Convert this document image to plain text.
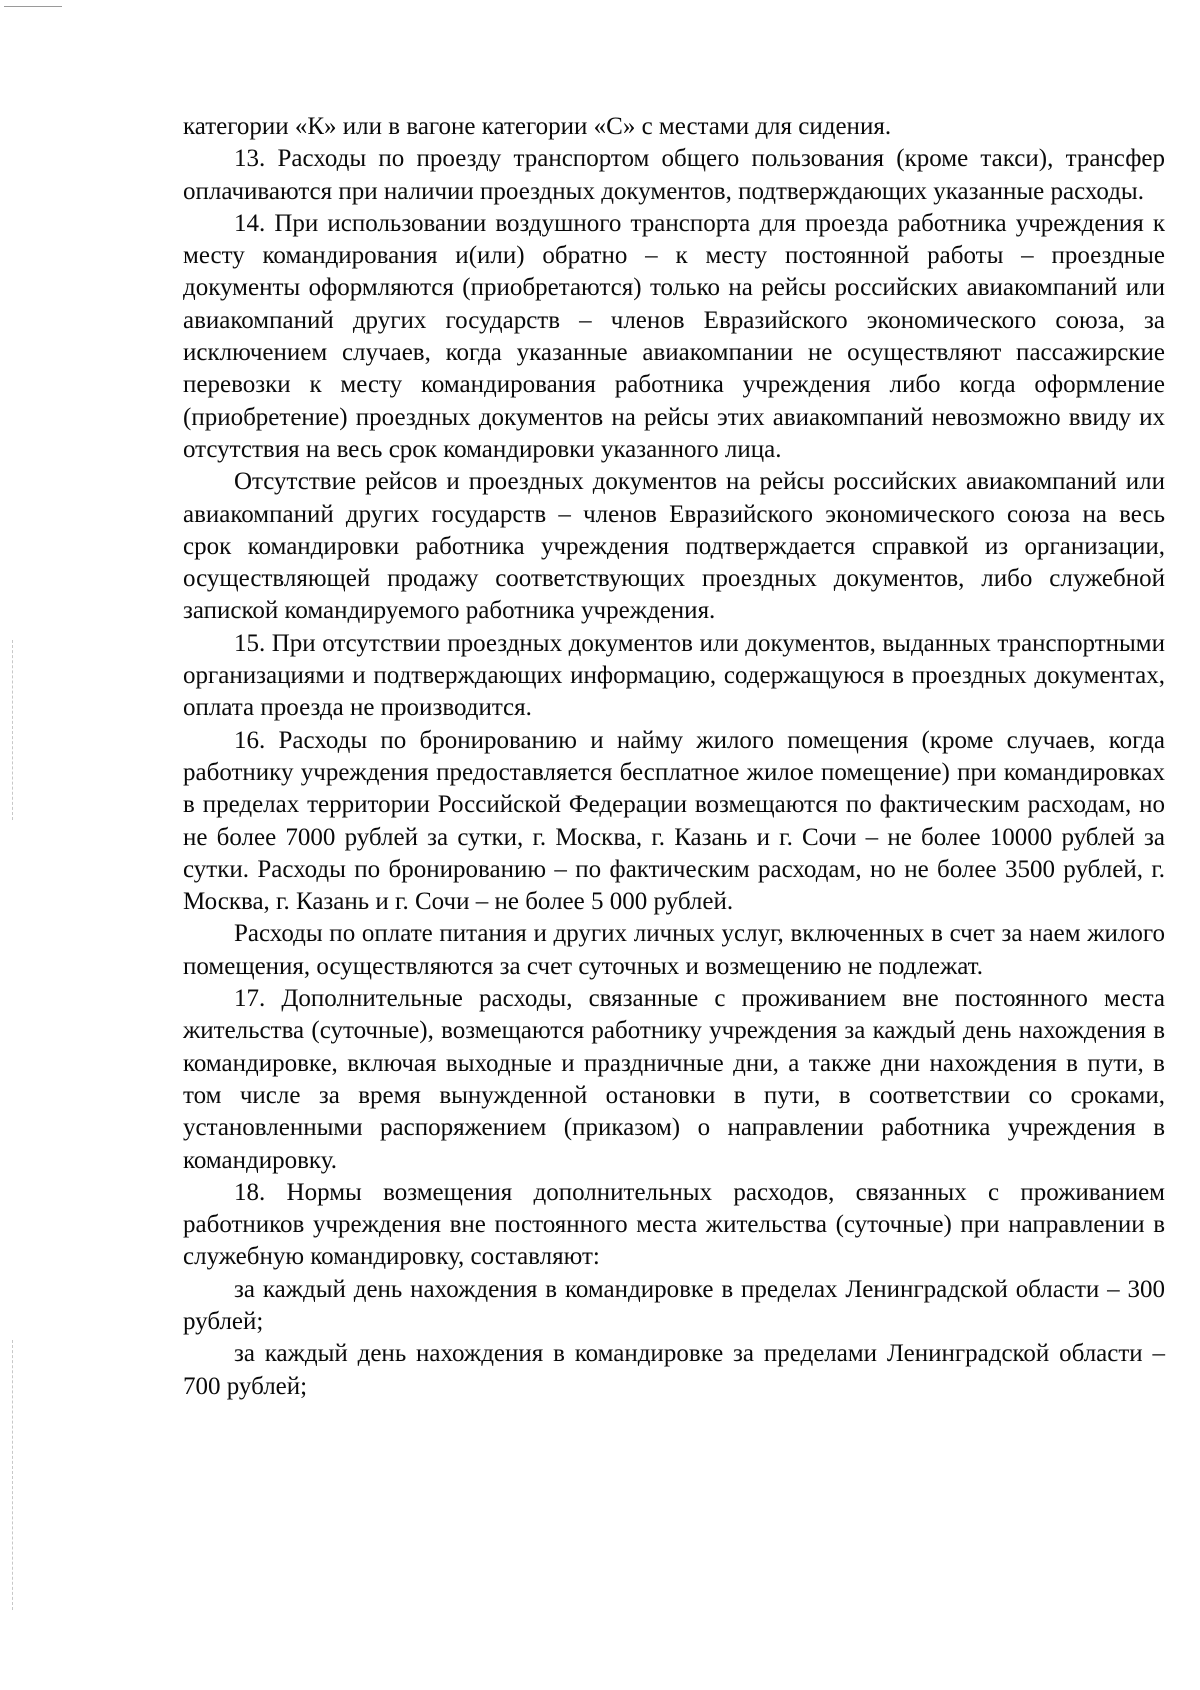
категории «К» или в вагоне категории «С» с местами для сидения.

13. Расходы по проезду транспортом общего пользования (кроме такси), трансфер оплачиваются при наличии проездных документов, подтверждающих указанные расходы.

14. При использовании воздушного транспорта для проезда работника учреждения к месту командирования и(или) обратно – к месту постоянной работы – проездные документы оформляются (приобретаются) только на рейсы российских авиакомпаний или авиакомпаний других государств – членов Евразийского экономического союза, за исключением случаев, когда указанные авиакомпании не осуществляют пассажирские перевозки к месту командирования работника учреждения либо когда оформление (приобретение) проездных документов на рейсы этих авиакомпаний невозможно ввиду их отсутствия на весь срок командировки указанного лица.

Отсутствие рейсов и проездных документов на рейсы российских авиакомпаний или авиакомпаний других государств – членов Евразийского экономического союза на весь срок командировки работника учреждения подтверждается справкой из организации, осуществляющей продажу соответствующих проездных документов, либо служебной запиской командируемого работника учреждения.

15. При отсутствии проездных документов или документов, выданных транспортными организациями и подтверждающих информацию, содержащуюся в проездных документах, оплата проезда не производится.

16. Расходы по бронированию и найму жилого помещения (кроме случаев, когда работнику учреждения предоставляется бесплатное жилое помещение) при командировках в пределах территории Российской Федерации возмещаются по фактическим расходам, но не более 7000 рублей за сутки, г. Москва, г. Казань и г. Сочи – не более 10000 рублей за сутки. Расходы по бронированию – по фактическим расходам, но не более 3500 рублей, г. Москва, г. Казань и г. Сочи – не более 5 000 рублей.

Расходы по оплате питания и других личных услуг, включенных в счет за наем жилого помещения, осуществляются за счет суточных и возмещению не подлежат.

17. Дополнительные расходы, связанные с проживанием вне постоянного места жительства (суточные), возмещаются работнику учреждения за каждый день нахождения в командировке, включая выходные и праздничные дни, а также дни нахождения в пути, в том числе за время вынужденной остановки в пути, в соответствии со сроками, установленными распоряжением (приказом) о направлении работника учреждения в командировку.

18. Нормы возмещения дополнительных расходов, связанных с проживанием работников учреждения вне постоянного места жительства (суточные) при направлении в служебную командировку, составляют:

за каждый день нахождения в командировке в пределах Ленинградской области – 300 рублей;

за каждый день нахождения в командировке за пределами Ленинградской области – 700 рублей;
